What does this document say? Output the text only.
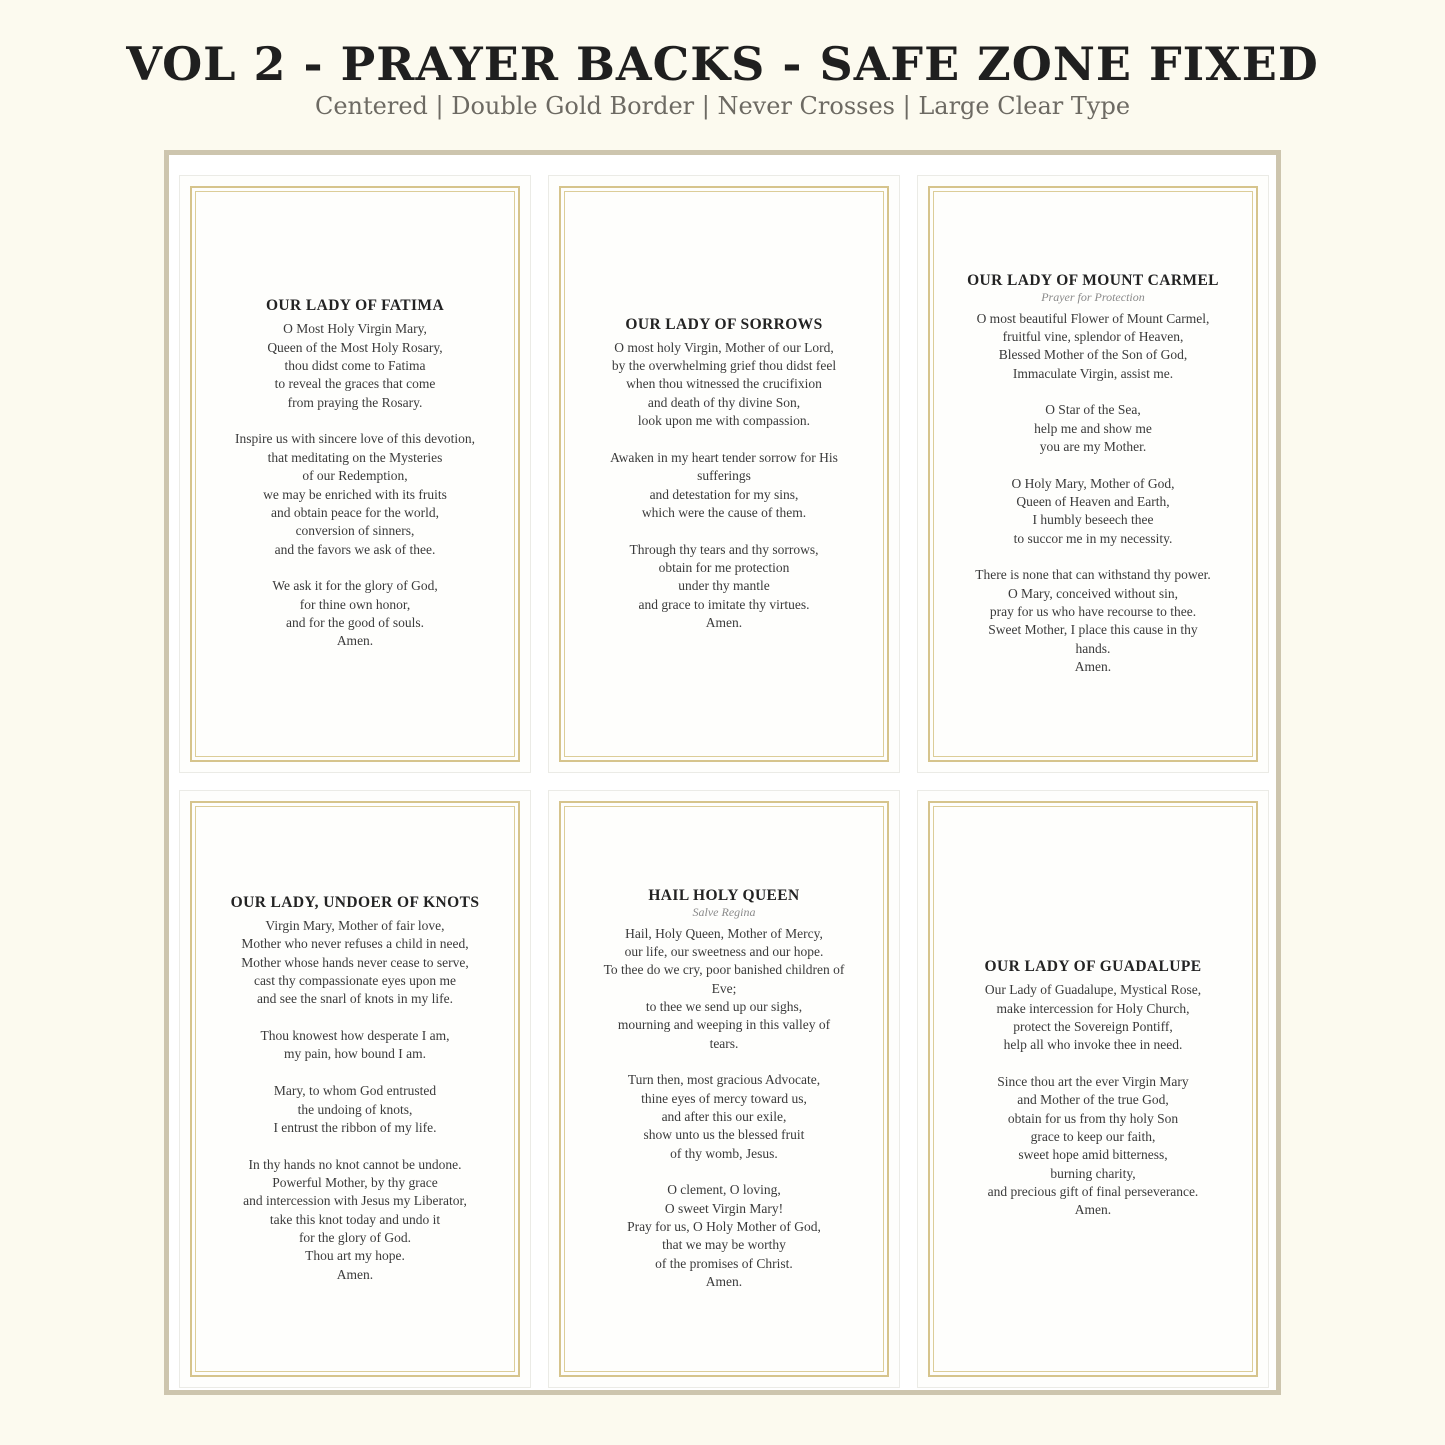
VOL 2 - PRAYER BACKS - SAFE ZONE FIXED

Centered | Double Gold Border | Never Crosses | Large Clear Type

OUR LADY OF FATIMA
O Most Holy Virgin Mary,
Queen of the Most Holy Rosary,
thou didst come to Fatima
to reveal the graces that come
from praying the Rosary.

Inspire us with sincere love of this devotion,
that meditating on the Mysteries
of our Redemption,
we may be enriched with its fruits
and obtain peace for the world,
conversion of sinners,
and the favors we ask of thee.

We ask it for the glory of God,
for thine own honor,
and for the good of souls.
Amen.
OUR LADY OF SORROWS
O most holy Virgin, Mother of our Lord,
by the overwhelming grief thou didst feel
when thou witnessed the crucifixion
and death of thy divine Son,
look upon me with compassion.

Awaken in my heart tender sorrow for His
sufferings
and detestation for my sins,
which were the cause of them.

Through thy tears and thy sorrows,
obtain for me protection
under thy mantle
and grace to imitate thy virtues.
Amen.
OUR LADY OF MOUNT CARMEL
Prayer for Protection
O most beautiful Flower of Mount Carmel,
fruitful vine, splendor of Heaven,
Blessed Mother of the Son of God,
Immaculate Virgin, assist me.

O Star of the Sea,
help me and show me
you are my Mother.

O Holy Mary, Mother of God,
Queen of Heaven and Earth,
I humbly beseech thee
to succor me in my necessity.

There is none that can withstand thy power.
O Mary, conceived without sin,
pray for us who have recourse to thee.
Sweet Mother, I place this cause in thy
hands.
Amen.
OUR LADY, UNDOER OF KNOTS
Virgin Mary, Mother of fair love,
Mother who never refuses a child in need,
Mother whose hands never cease to serve,
cast thy compassionate eyes upon me
and see the snarl of knots in my life.

Thou knowest how desperate I am,
my pain, how bound I am.

Mary, to whom God entrusted
the undoing of knots,
I entrust the ribbon of my life.

In thy hands no knot cannot be undone.
Powerful Mother, by thy grace
and intercession with Jesus my Liberator,
take this knot today and undo it
for the glory of God.
Thou art my hope.
Amen.
HAIL HOLY QUEEN
Salve Regina
Hail, Holy Queen, Mother of Mercy,
our life, our sweetness and our hope.
To thee do we cry, poor banished children of
Eve;
to thee we send up our sighs,
mourning and weeping in this valley of
tears.

Turn then, most gracious Advocate,
thine eyes of mercy toward us,
and after this our exile,
show unto us the blessed fruit
of thy womb, Jesus.

O clement, O loving,
O sweet Virgin Mary!
Pray for us, O Holy Mother of God,
that we may be worthy
of the promises of Christ.
Amen.
OUR LADY OF GUADALUPE
Our Lady of Guadalupe, Mystical Rose,
make intercession for Holy Church,
protect the Sovereign Pontiff,
help all who invoke thee in need.

Since thou art the ever Virgin Mary
and Mother of the true God,
obtain for us from thy holy Son
grace to keep our faith,
sweet hope amid bitterness,
burning charity,
and precious gift of final perseverance.
Amen.
